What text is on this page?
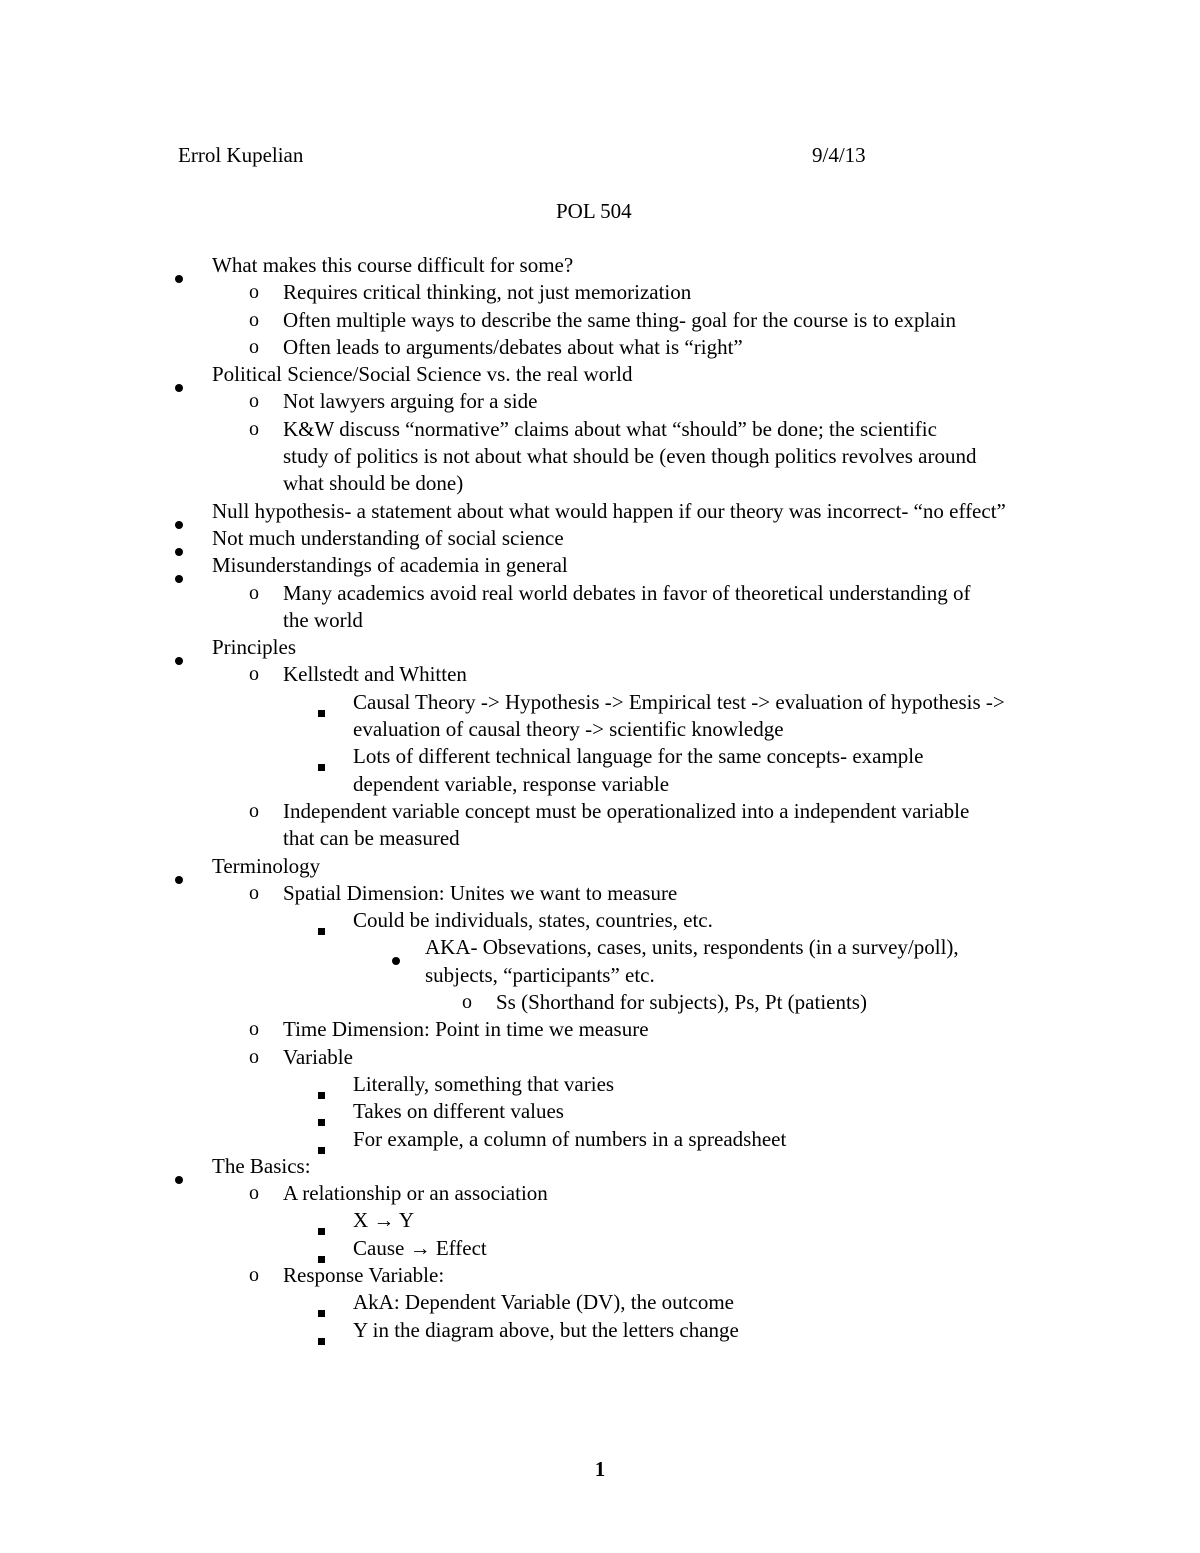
Errol Kupelian	9/4/13
POL 504
What makes this course difficult for some?
o Requires critical thinking, not just memorization
o Often multiple ways to describe the same thing- goal for the course is to explain
o Often leads to arguments/debates about what is “right”
Political Science/Social Science vs. the real world
o Not lawyers arguing for a side
o K&W discuss “normative” claims about what “should” be done; the scientific study of politics is not about what should be (even though politics revolves around what should be done)
Null hypothesis- a statement about what would happen if our theory was incorrect- “no effect”
Not much understanding of social science
Misunderstandings of academia in general
o Many academics avoid real world debates in favor of theoretical understanding of the world
Principles
o Kellstedt and Whitten
Causal Theory -> Hypothesis -> Empirical test -> evaluation of hypothesis -> evaluation of causal theory -> scientific knowledge
Lots of different technical language for the same concepts- example dependent variable, response variable
o Independent variable concept must be operationalized into a independent variable that can be measured
Terminology
o Spatial Dimension: Unites we want to measure
Could be individuals, states, countries, etc.
AKA- Obsevations, cases, units, respondents (in a survey/poll), subjects, “participants” etc.
o Ss (Shorthand for subjects), Ps, Pt (patients)
o Time Dimension: Point in time we measure
o Variable
Literally, something that varies
Takes on different values
For example, a column of numbers in a spreadsheet
The Basics:
o A relationship or an association
X → Y
Cause → Effect
o Response Variable:
AkA: Dependent Variable (DV), the outcome
Y in the diagram above, but the letters change
1
